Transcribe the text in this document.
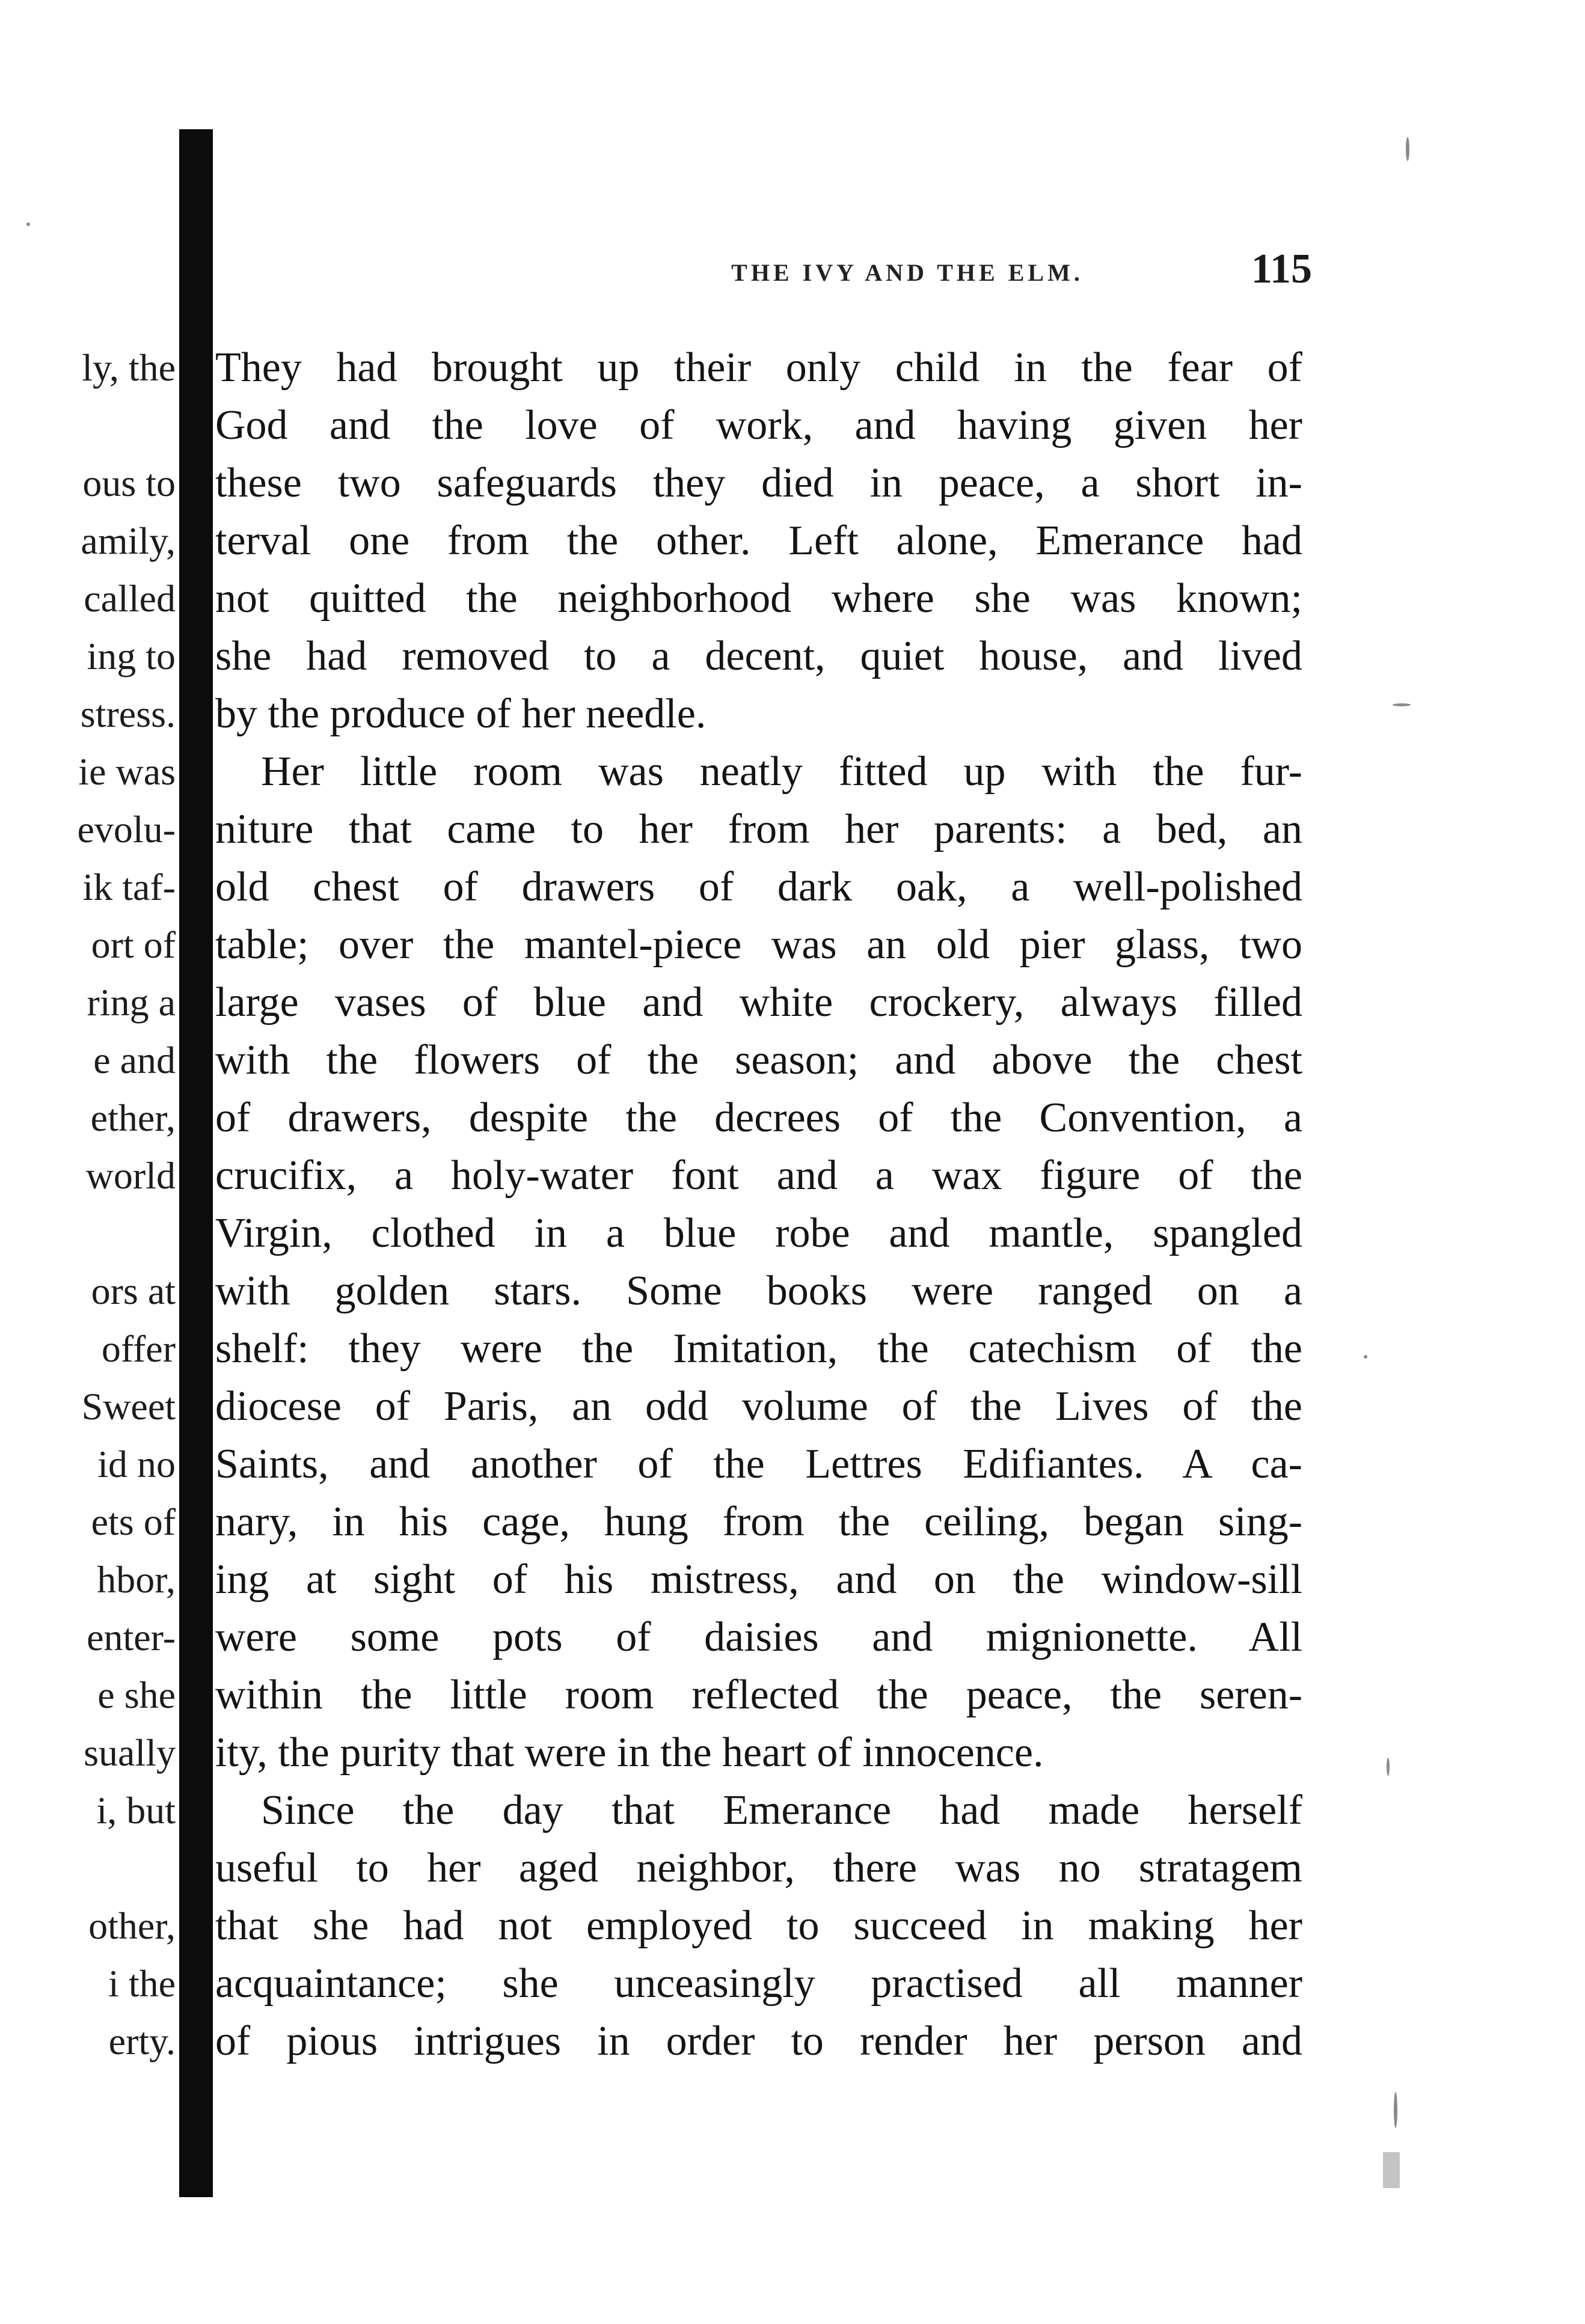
THE IVY AND THE ELM.	115
They had brought up their only child in the fear of
God and the love of work, and having given her
these two safeguards they died in peace, a short in-
terval one from the other. Left alone, Emerance had
not quitted the neighborhood where she was known;
she had removed to a decent, quiet house, and lived
by the produce of her needle.
Her little room was neatly fitted up with the fur-
niture that came to her from her parents: a bed, an
old chest of drawers of dark oak, a well-polished
table; over the mantel-piece was an old pier glass, two
large vases of blue and white crockery, always filled
with the flowers of the season; and above the chest
of drawers, despite the decrees of the Convention, a
crucifix, a holy-water font and a wax figure of the
Virgin, clothed in a blue robe and mantle, spangled
with golden stars. Some books were ranged on a
shelf: they were the Imitation, the catechism of the
diocese of Paris, an odd volume of the Lives of the
Saints, and another of the Lettres Edifiantes. A ca-
nary, in his cage, hung from the ceiling, began sing-
ing at sight of his mistress, and on the window-sill
were some pots of daisies and mignionette. All
within the little room reflected the peace, the seren-
ity, the purity that were in the heart of innocence.
Since the day that Emerance had made herself
useful to her aged neighbor, there was no stratagem
that she had not employed to succeed in making her
acquaintance; she unceasingly practised all manner
of pious intrigues in order to render her person and
ly, the
ous to
amily,
called
ing to
stress.
ie was
evolu-
ik taf-
ort of
ring a
e and
ether,
world
ors at
offer
Sweet
id no
ets of
hbor,
enter-
e she
sually
i, but
other,
i the
erty.
